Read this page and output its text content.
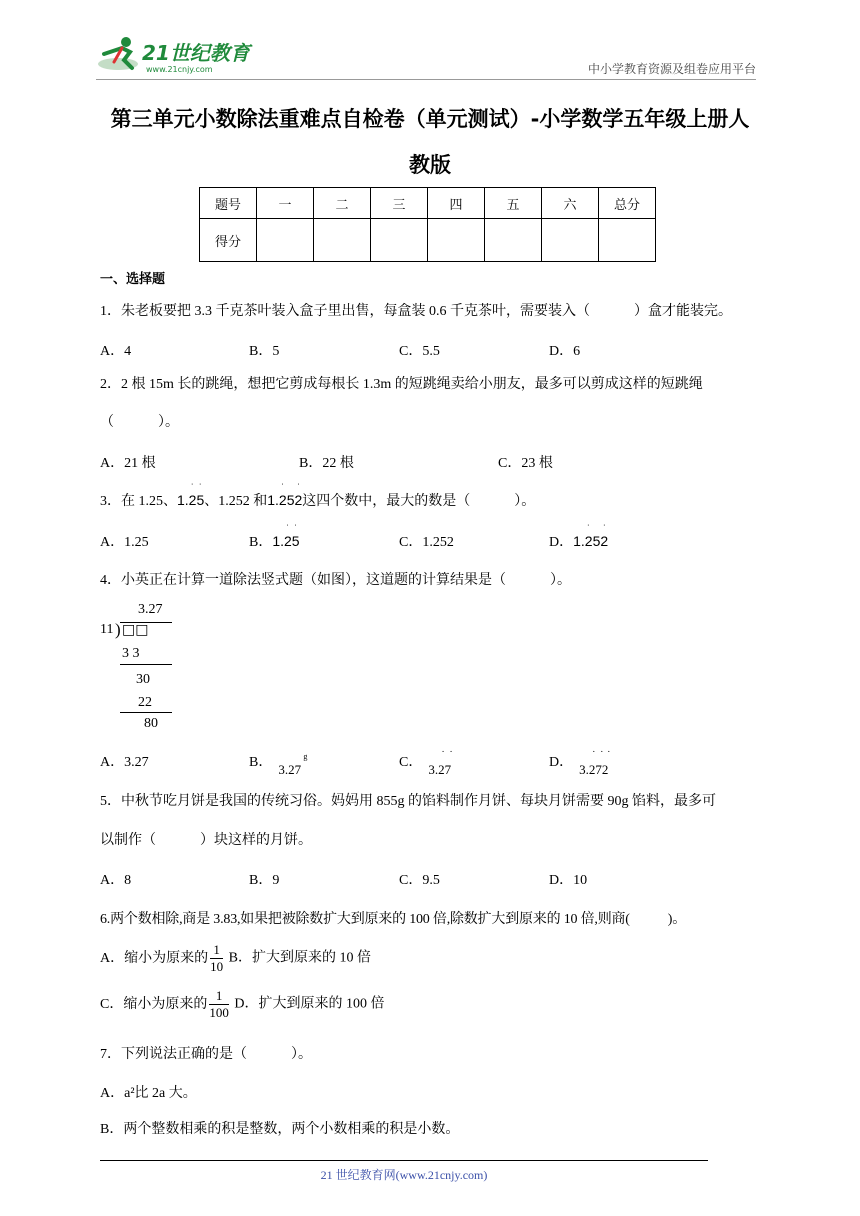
21世纪教育
www.21cnjy.com	中小学教育资源及组卷应用平台
第三单元小数除法重难点自检卷（单元测试）-小学数学五年级上册人
教版
题号	一	二	三	四	五	六	总分
得分							
一、选择题
1．朱老板要把 3.3 千克茶叶装入盒子里出售，每盒装 0.6 千克茶叶，需要装入（	）盒才能装完。
A．4	B．5	C．5.5	D．6
2．2 根 15m 长的跳绳，想把它剪成每根长 1.3m 的短跳绳卖给小朋友，最多可以剪成这样的短跳绳
（	）。
A．21 根	B．22 根	C．23 根
3．在 1.25、1.25
˙ ˙
、1.252 和1.252
˙ ˙
这四个数中，最大的数是（	）。
A．1.25	B．1.25
˙ ˙
C．1.252	D．1.252
˙ ˙
4．小英正在计算一道除法竖式题（如图），这道题的计算结果是（	）。
3.27
11 ) □□
3 3
30
22
80
A．3.27	B． 3.27
g	C． 3.27
˙ ˙	D． 3.272
˙ ˙ ˙
5．中秋节吃月饼是我国的传统习俗。妈妈用 855g 的馅料制作月饼、每块月饼需要 90g 馅料，最多可
以制作（	）块这样的月饼。
A．8	B．9	C．9.5	D．10
6.两个数相除,商是 3.83,如果把被除数扩大到原来的 100 倍,除数扩大到原来的 10 倍,则商(	)。
A．缩小为原来的 $\frac{1}{10}$ B．扩大到原来的 10 倍
C．缩小为原来的 $\frac{1}{100}$ D．扩大到原来的 100 倍
7．下列说法正确的是（	）。
A．a²比 2a 大。
B．两个整数相乘的积是整数，两个小数相乘的积是小数。
21 世纪教育网(www.21cnjy.com)
